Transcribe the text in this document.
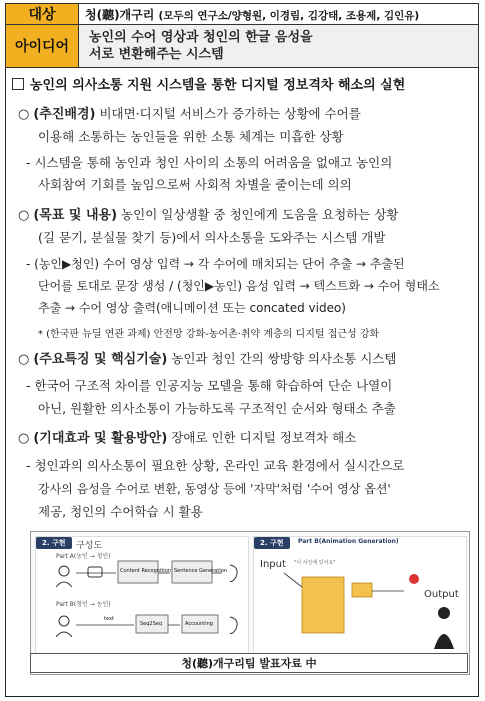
대상	청(聽)개구리 (모두의 연구소/양형원, 이경림, 김강태, 조용제, 김인유)
아이디어	농인의 수어 영상과 청인의 한글 음성을
서로 변환해주는 시스템
농인의 의사소통 지원 시스템을 통한 디지털 정보격차 해소의 실현
○ (추진배경) 비대면·디지털 서비스가 증가하는 상황에 수어를
이용해 소통하는 농인들을 위한 소통 체계는 미흡한 상황
- 시스템을 통해 농인과 청인 사이의 소통의 어려움을 없애고 농인의
사회참여 기회를 높임으로써 사회적 차별을 줄이는데 의의
○ (목표 및 내용) 농인이 일상생활 중 청인에게 도움을 요청하는 상황
(길 묻기, 분실물 찾기 등)에서 의사소통을 도와주는 시스템 개발
- (농인▶청인) 수어 영상 입력 → 각 수어에 매치되는 단어 추출 → 추출된
단어를 토대로 문장 생성 / (청인▶농인) 음성 입력 → 텍스트화 → 수어 형태소
추출 → 수어 영상 출력(애니메이션 또는 concated video)
* (한국판 뉴딜 연관 과제) 안전망 강화-농어촌·취약 계층의 디지털 접근성 강화
○ (주요특징 및 핵심기술) 농인과 청인 간의 쌍방향 의사소통 시스템
- 한국어 구조적 차이를 인공지능 모델을 통해 학습하여 단순 나열이
아닌, 원활한 의사소통이 가능하도록 구조적인 순서와 형태소 추출
○ (기대효과 및 활용방안) 장애로 인한 디지털 정보격차 해소
- 청인과의 의사소통이 필요한 상황, 온라인 교육 환경에서 실시간으로
강사의 음성을 수어로 변환, 동영상 등에 '자막'처럼 '수어 영상 옵션'
제공, 청인의 수어학습 시 활용
2. 구현	구성도
Part A(농인 → 청인)
Part B(청인 → 농인)
Content Recognition Sentence Generation
Seq2Seq	Accounting
text
2. 구현	Part B(Animation Generation)
Input "이 사진에 있어요"
Output
청(聽)개구리팀 발표자료 中
